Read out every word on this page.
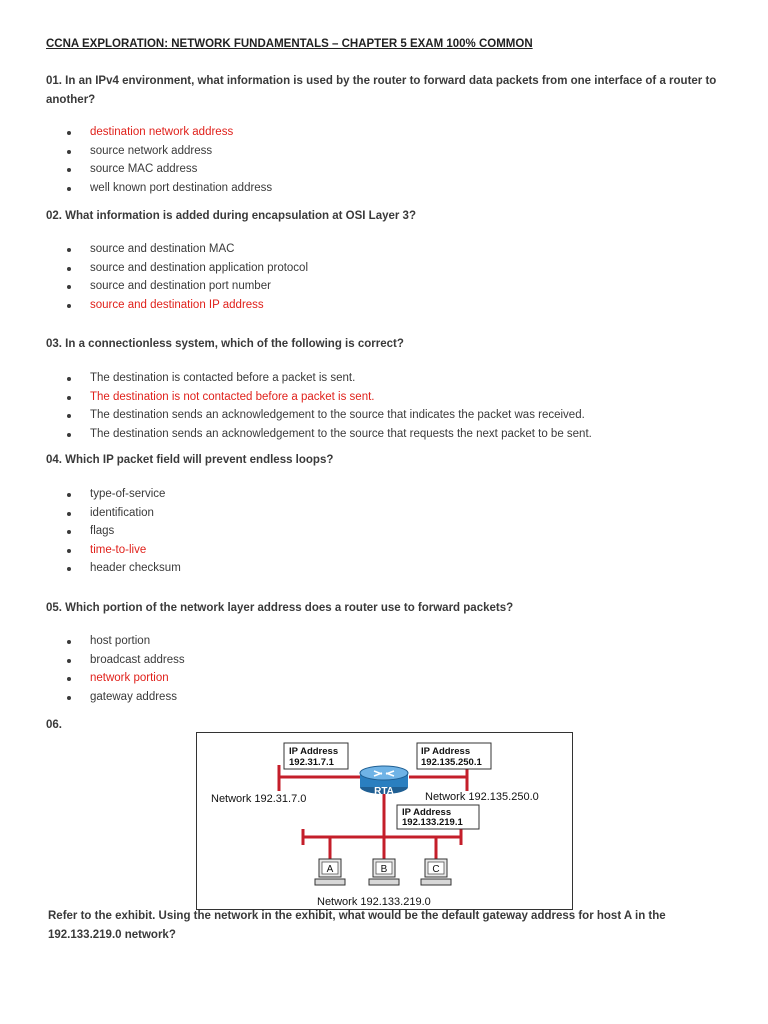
CCNA EXPLORATION: NETWORK FUNDAMENTALS – CHAPTER 5 EXAM 100% COMMON
01. In an IPv4 environment, what information is used by the router to forward data packets from one interface of a router to another?
destination network address
source network address
source MAC address
well known port destination address
02. What information is added during encapsulation at OSI Layer 3?
source and destination MAC
source and destination application protocol
source and destination port number
source and destination IP address
03. In a connectionless system, which of the following is correct?
The destination is contacted before a packet is sent.
The destination is not contacted before a packet is sent.
The destination sends an acknowledgement to the source that indicates the packet was received.
The destination sends an acknowledgement to the source that requests the next packet to be sent.
04. Which IP packet field will prevent endless loops?
type-of-service
identification
flags
time-to-live
header checksum
05. Which portion of the network layer address does a router use to forward packets?
host portion
broadcast address
network portion
gateway address
06.
RTA
IP Address
192.31.7.1
IP Address
192.135.250.1
IP Address
192.133.219.1
Network 192.31.7.0	Network 192.135.250.0
Network 192.133.219.0
A	B	C
Refer to the exhibit. Using the network in the exhibit, what would be the default gateway address for host A in the 192.133.219.0 network?
